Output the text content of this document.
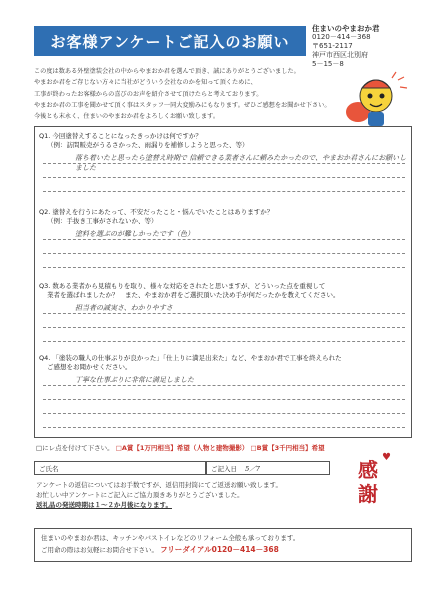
お客様アンケートご記入のお願い
住まいのやまおか君
0120－414－368
〒651-2117
神戸市西区北別府
5－15－8
この度は数ある外壁塗装会社の中からやまおか君を選んで頂き、誠にありがとうございました。
やまおか君をご存じない方々に当社がどういう会社なのかを知って頂くために、
工事が終わったお客様からの喜びのお声を紹介させて頂けたらと考えております。
やまおか君の工事を聞かせて頂く事はスタッフ一同大変励みにもなります。ぜひご感想をお聞かせ下さい。
今後とも末永く、住まいのやまおか君をよろしくお願い致します。
Q1. 今回塗替えすることになったきっかけは何ですか？
（例：訪問販売がうるさかった、雨漏りを補修しようと思った、等）
落ち着いたと思ったら塗替え時期で 信頼できる業者さんに頼みたかったので、やまおか君さんにお願いしました
Q2. 塗替えを行うにあたって、不安だったこと・悩んでいたことはありますか？
（例：手抜き工事がされないか、等）
塗料を選ぶのが難しかったです（色）
Q3. 数ある業者から見積もりを取り、様々な対応をされたと思いますが、どういった点を重視して
業者を選ばれましたか？　また、やまおか君をご選択頂いた決め手が何だったかを教えてください。
担当者の誠実さ、わかりやすさ
Q4. 「塗装の職人の仕事ぶりが良かった」「仕上りに満足出来た」など、やまおか君で工事を終えられた
ご感想をお聞かせください。
丁寧な仕事ぶりに非常に満足しました
□にレ点を付けて下さい。 □A賞【1万円相当】希望（人物と建物撮影） □B賞【3千円相当】希望
ご氏名	ご記入日 5／7
アンケートの返信についてはお手数ですが、返信用封筒にてご返送お願い致します。
お忙しい中アンケートにご記入にご協力頂きありがとうございました。
返礼品の発送時期は１～２か月後になります。
♥
感謝
住まいのやまおか君は、キッチンやバストイレなどのリフォーム全般も承っております。
ご用命の際はお気軽にお問合せ下さい。 フリーダイアル0120－414－368
